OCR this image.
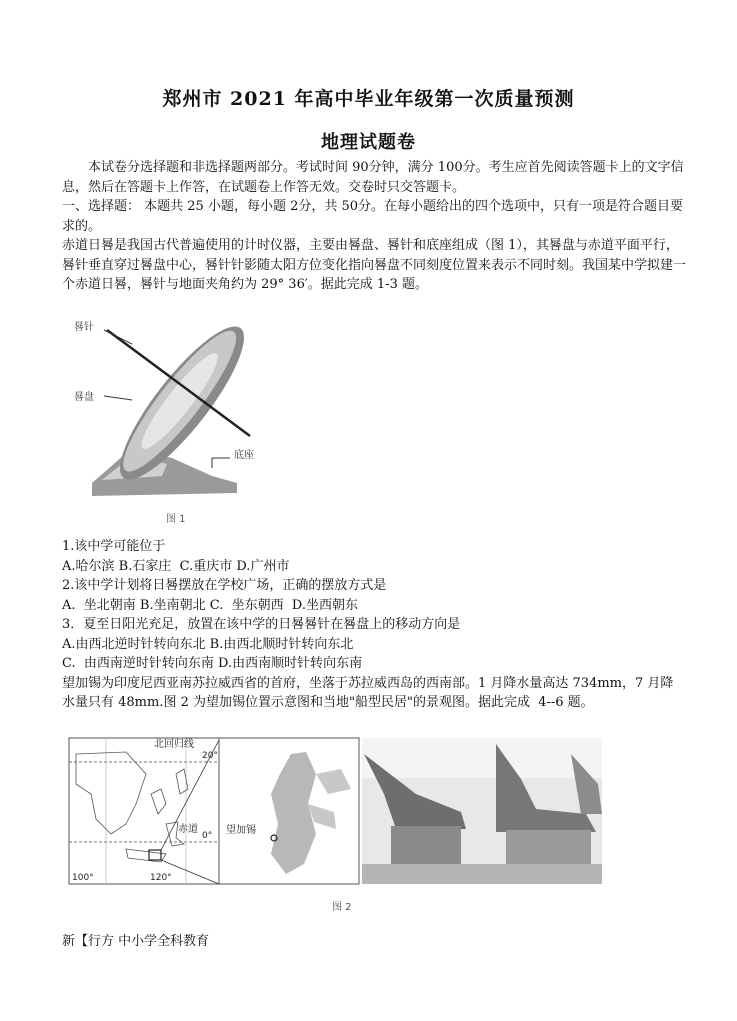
郑州市 2021 年高中毕业年级第一次质量预测
地理试题卷

本试卷分选择题和非选择题两部分。考试时间 90分钟，满分 100分。考生应首先阅读答题卡上的文字信息，然后在答题卡上作答，在试题卷上作答无效。交卷时只交答题卡。

一、选择题： 本题共 25 小题，每小题 2分，共 50分。在每小题给出的四个选项中，只有一项是符合题目要求的。

赤道日晷是我国古代普遍使用的计时仪器，主要由晷盘、晷针和底座组成（图 1），其晷盘与赤道平面平行，晷针垂直穿过晷盘中心，晷针针影随太阳方位变化指向晷盘不同刻度位置来表示不同时刻。我国某中学拟建一个赤道日晷，晷针与地面夹角约为 29° 36′。据此完成 1-3 题。

晷针
晷盘
底座
图 1

1.该中学可能位于

A.哈尔滨 B.石家庄  C.重庆市 D.广州市

2.该中学计划将日晷摆放在学校广场，正确的摆放方式是

A.  坐北朝南 B.坐南朝北 C.  坐东朝西  D.坐西朝东

3．夏至日阳光充足，放置在该中学的日晷晷针在晷盘上的移动方向是

A.由西北逆时针转向东北 B.由西北顺时针转向东北

C.  由西南逆时针转向东南 D.由西南顺时针转向东南

望加锡为印度尼西亚南苏拉威西省的首府，坐落于苏拉威西岛的西南部。1 月降水量高达 734mm，7 月降水量只有 48mm.图 2 为望加锡位置示意图和当地"船型民居"的景观图。据此完成  4--6 题。

北回归线
20°
赤道
0°
100°	120°
望加锡
图 2
新【行方 中小学全科教育
